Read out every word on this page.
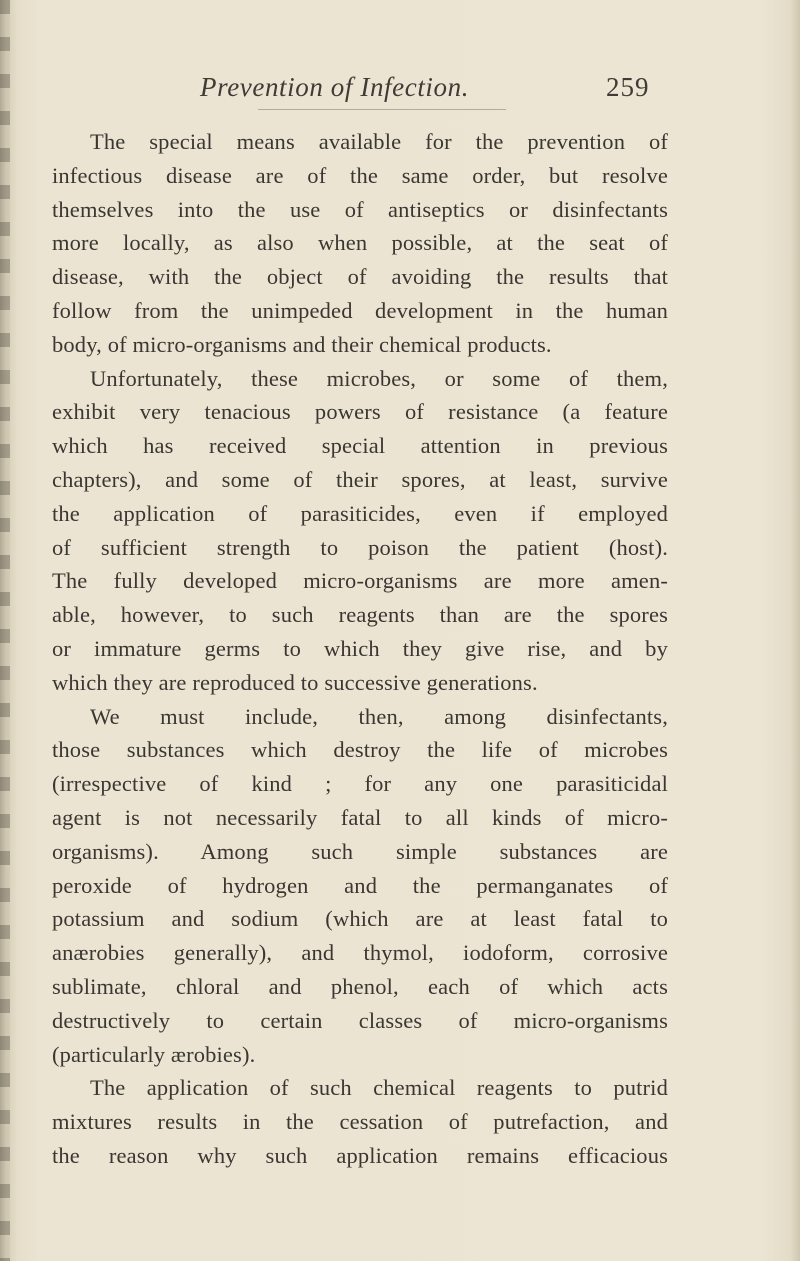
Prevention of Infection.	259
The special means available for the prevention of
infectious disease are of the same order, but resolve
themselves into the use of antiseptics or disinfectants
more locally, as also when possible, at the seat of
disease, with the object of avoiding the results that
follow from the unimpeded development in the human
body, of micro-organisms and their chemical products.
Unfortunately, these microbes, or some of them,
exhibit very tenacious powers of resistance (a feature
which has received special attention in previous
chapters), and some of their spores, at least, survive
the application of parasiticides, even if employed
of sufficient strength to poison the patient (host).
The fully developed micro-organisms are more amen-
able, however, to such reagents than are the spores
or immature germs to which they give rise, and by
which they are reproduced to successive generations.
We must include, then, among disinfectants,
those substances which destroy the life of microbes
(irrespective of kind ; for any one parasiticidal
agent is not necessarily fatal to all kinds of micro-
organisms). Among such simple substances are
peroxide of hydrogen and the permanganates of
potassium and sodium (which are at least fatal to
anærobies generally), and thymol, iodoform, corrosive
sublimate, chloral and phenol, each of which acts
destructively to certain classes of micro-organisms
(particularly ærobies).
The application of such chemical reagents to putrid
mixtures results in the cessation of putrefaction, and
the reason why such application remains efficacious
